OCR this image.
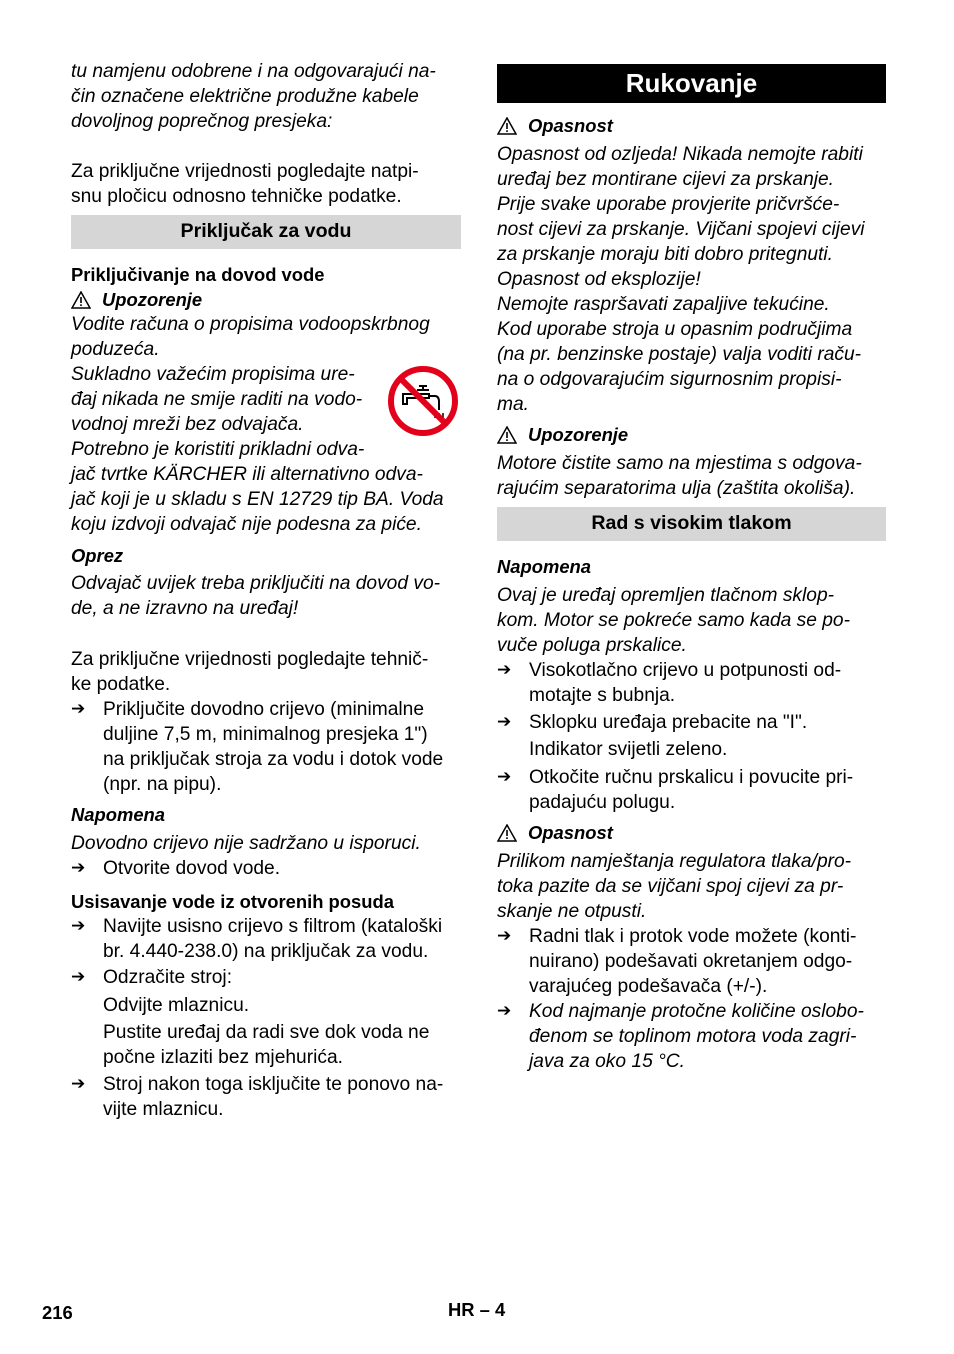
tu namjenu odobrene i na odgovarajući na-
čin označene električne produžne kabele
dovoljnog poprečnog presjeka:

Za priključne vrijednosti pogledajte natpi-
snu pločicu odnosno tehničke podatke.

Priključak za vodu

Priključivanje na dovod vode

Upozorenje

Vodite računa o propisima vodoopskrbnog
poduzeća.

Sukladno važećim propisima ure-
đaj nikada ne smije raditi na vodo-
vodnoj mreži bez odvajača.

Potrebno je koristiti prikladni odva-
jač tvrtke KÄRCHER ili alternativno odva-
jač koji je u skladu s EN 12729 tip BA. Voda
koju izdvoji odvajač nije podesna za piće.

Oprez

Odvajač uvijek treba priključiti na dovod vo-
de, a ne izravno na uređaj!

Za priključne vrijednosti pogledajte tehnič-
ke podatke.

➔ Priključite dovodno crijevo (minimalne
duljine 7,5 m, minimalnog presjeka 1")
na priključak stroja za vodu i dotok vode
(npr. na pipu).

Napomena

Dovodno crijevo nije sadržano u isporuci.

➔ Otvorite dovod vode.

Usisavanje vode iz otvorenih posuda

➔ Navijte usisno crijevo s filtrom (kataloški
br. 4.440-238.0) na priključak za vodu.

➔ Odzračite stroj:

Odvijte mlaznicu.

Pustite uređaj da radi sve dok voda ne
počne izlaziti bez mjehurića.

➔ Stroj nakon toga isključite te ponovo na-
vijte mlaznicu.

Rukovanje
Opasnost

Opasnost od ozljeda! Nikada nemojte rabiti
uređaj bez montirane cijevi za prskanje.
Prije svake uporabe provjerite pričvršće-
nost cijevi za prskanje. Vijčani spojevi cijevi
za prskanje moraju biti dobro pritegnuti.
Opasnost od eksplozije!
Nemojte raspršavati zapaljive tekućine.
Kod uporabe stroja u opasnim područjima
(na pr. benzinske postaje) valja voditi raču-
na o odgovarajućim sigurnosnim propisi-
ma.

Upozorenje

Motore čistite samo na mjestima s odgova-
rajućim separatorima ulja (zaštita okoliša).

Rad s visokim tlakom

Napomena

Ovaj je uređaj opremljen tlačnom sklop-
kom. Motor se pokreće samo kada se po-
vuče poluga prskalice.

➔ Visokotlačno crijevo u potpunosti od-
motajte s bubnja.

➔ Sklopku uređaja prebacite na "I".

Indikator svijetli zeleno.

➔ Otkočite ručnu prskalicu i povucite pri-
padajuću polugu.

Opasnost

Prilikom namještanja regulatora tlaka/pro-
toka pazite da se vijčani spoj cijevi za pr-
skanje ne otpusti.

➔ Radni tlak i protok vode možete (konti-
nuirano) podešavati okretanjem odgo-
varajućeg podešavača (+/-).

➔ Kod najmanje protočne količine oslobo-
đenom se toplinom motora voda zagri-
java za oko 15 °C.

216	HR – 4
